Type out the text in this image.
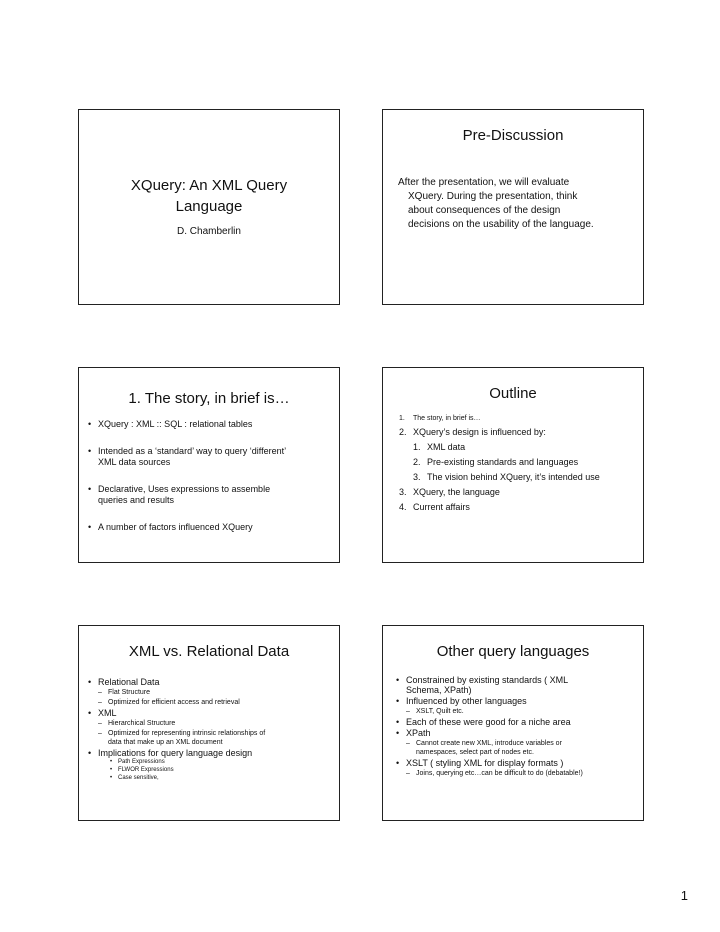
XQuery: An XML Query
Language
D. Chamberlin
Pre-Discussion
After the presentation, we will evaluate
XQuery. During the presentation, think
about consequences of the design
decisions on the usability of the language.
1. The story, in brief is…
• XQuery : XML :: SQL : relational tables
• Intended as a ‘standard’ way to query ‘different’
XML data sources
• Declarative, Uses expressions to assemble
queries and results
• A number of factors influenced XQuery
Outline
1. The story, in brief is…
2. XQuery’s design is influenced by:
1. XML data
2. Pre-existing standards and languages
3. The vision behind XQuery, it’s intended use
3. XQuery, the language
4. Current affairs
XML vs. Relational Data
• Relational Data
– Flat Structure
– Optimized for efficient access and retrieval
• XML
– Hierarchical Structure
– Optimized for representing intrinsic relationships of
data that make up an XML document
• Implications for query language design
• Path Expressions
• FLWOR Expressions
• Case sensitive,
Other query languages
• Constrained by existing standards ( XML
Schema, XPath)
• Influenced by other languages
– XSLT, Quilt etc.
• Each of these were good for a niche area
• XPath
– Cannot create new XML, introduce variables or
namespaces, select part of nodes etc.
• XSLT ( styling XML for display formats )
– Joins, querying etc…can be difficult to do (debatable!)
1
